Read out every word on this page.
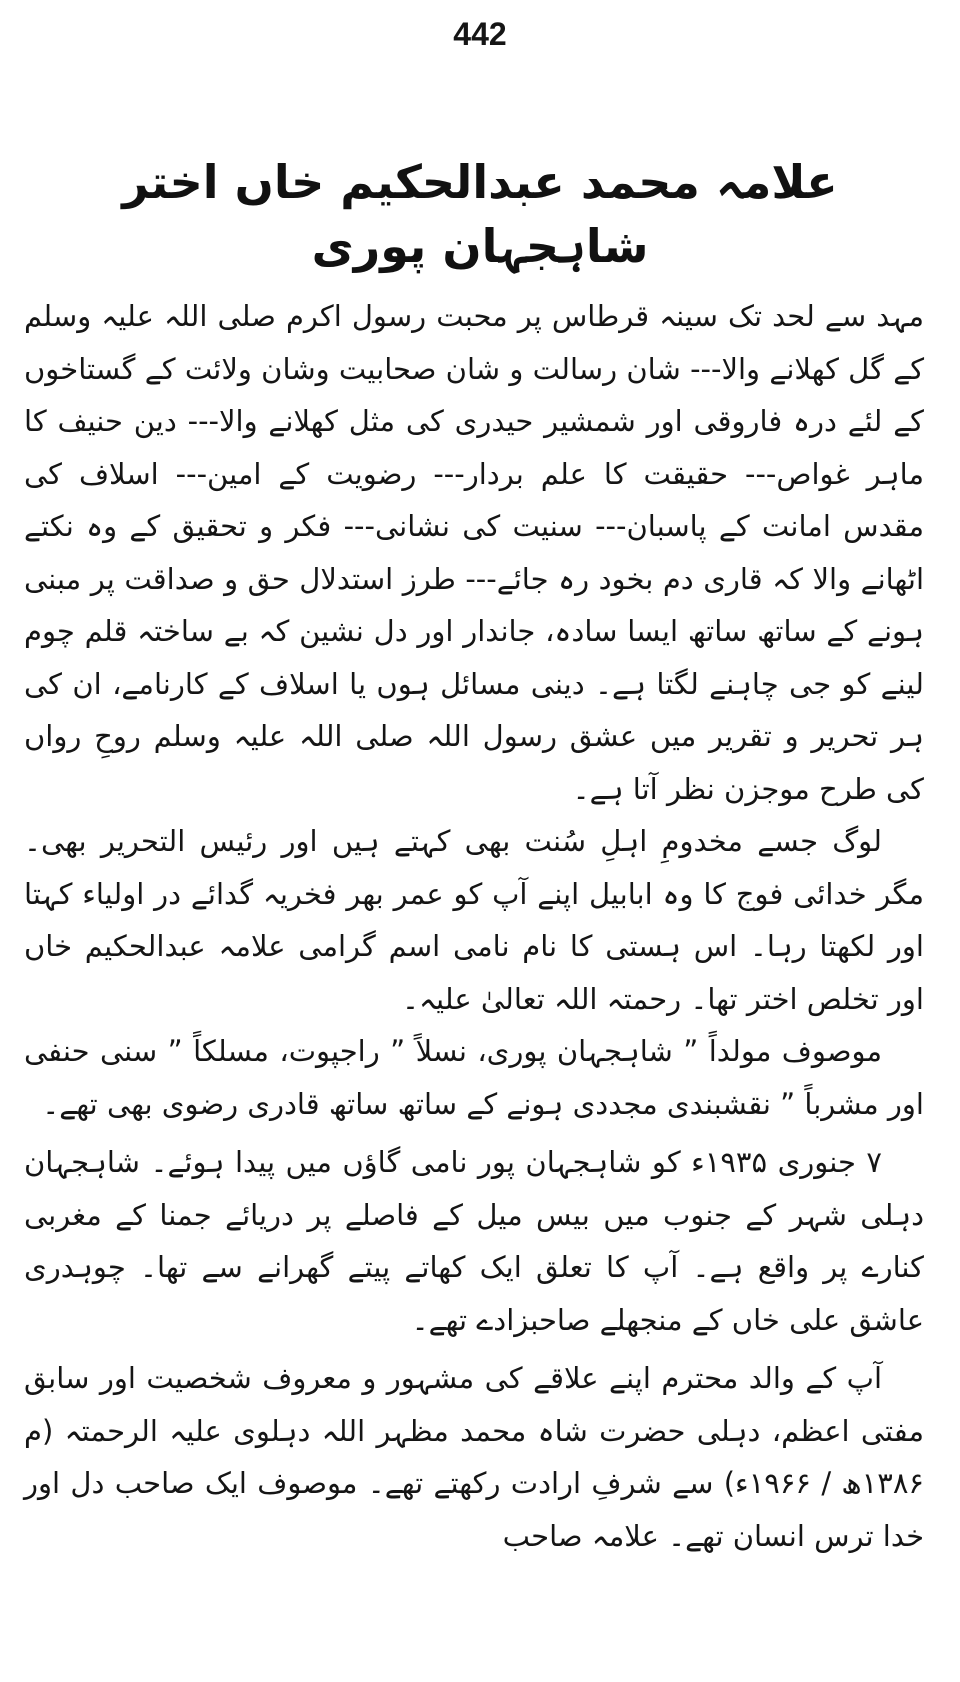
442
علامہ محمد عبدالحکیم خاں اختر شاہجہان پوری

مہد سے لحد تک سینہ قرطاس پر محبت رسول اکرم صلی اللہ علیہ وسلم کے گل کھلانے والا--- شان رسالت و شان صحابیت وشان ولائت کے گستاخوں کے لئے درہ فاروقی اور شمشیر حیدری کی مثل کھلانے والا--- دین حنیف کا ماہر غواص--- حقیقت کا علم بردار--- رضویت کے امین--- اسلاف کی مقدس امانت کے پاسبان--- سنیت کی نشانی--- فکر و تحقیق کے وہ نکتے اٹھانے والا کہ قاری دم بخود رہ جائے--- طرز استدلال حق و صداقت پر مبنی ہونے کے ساتھ ساتھ ایسا سادہ، جاندار اور دل نشین کہ بے ساختہ قلم چوم لینے کو جی چاہنے لگتا ہے۔ دینی مسائل ہوں یا اسلاف کے کارنامے، ان کی ہر تحریر و تقریر میں عشق رسول اللہ صلی اللہ علیہ وسلم روحِ رواں کی طرح موجزن نظر آتا ہے۔

لوگ جسے مخدومِ اہلِ سُنت بھی کہتے ہیں اور رئیس التحریر بھی۔ مگر خدائی فوج کا وہ ابابیل اپنے آپ کو عمر بھر فخریہ گدائے در اولیاء کہتا اور لکھتا رہا۔ اس ہستی کا نام نامی اسم گرامی علامہ عبدالحکیم خاں اور تخلص اختر تھا۔ رحمتہ اللہ تعالیٰ علیہ۔

موصوف مولداً ” شاہجہان پوری، نسلاً ” راجپوت، مسلکاً ” سنی حنفی اور مشرباً ” نقشبندی مجددی ہونے کے ساتھ ساتھ قادری رضوی بھی تھے۔

۷ جنوری ۱۹۳۵ء کو شاہجہان پور نامی گاؤں میں پیدا ہوئے۔ شاہجہان دہلی شہر کے جنوب میں بیس میل کے فاصلے پر دریائے جمنا کے مغربی کنارے پر واقع ہے۔ آپ کا تعلق ایک کھاتے پیتے گھرانے سے تھا۔ چوہدری عاشق علی خاں کے منجھلے صاحبزادے تھے۔

آپ کے والد محترم اپنے علاقے کی مشہور و معروف شخصیت اور سابق مفتی اعظم، دہلی حضرت شاہ محمد مظہر اللہ دہلوی علیہ الرحمتہ (م ۱۳۸۶ھ / ۱۹۶۶ء) سے شرفِ ارادت رکھتے تھے۔ موصوف ایک صاحب دل اور خدا ترس انسان تھے۔ علامہ صاحب
